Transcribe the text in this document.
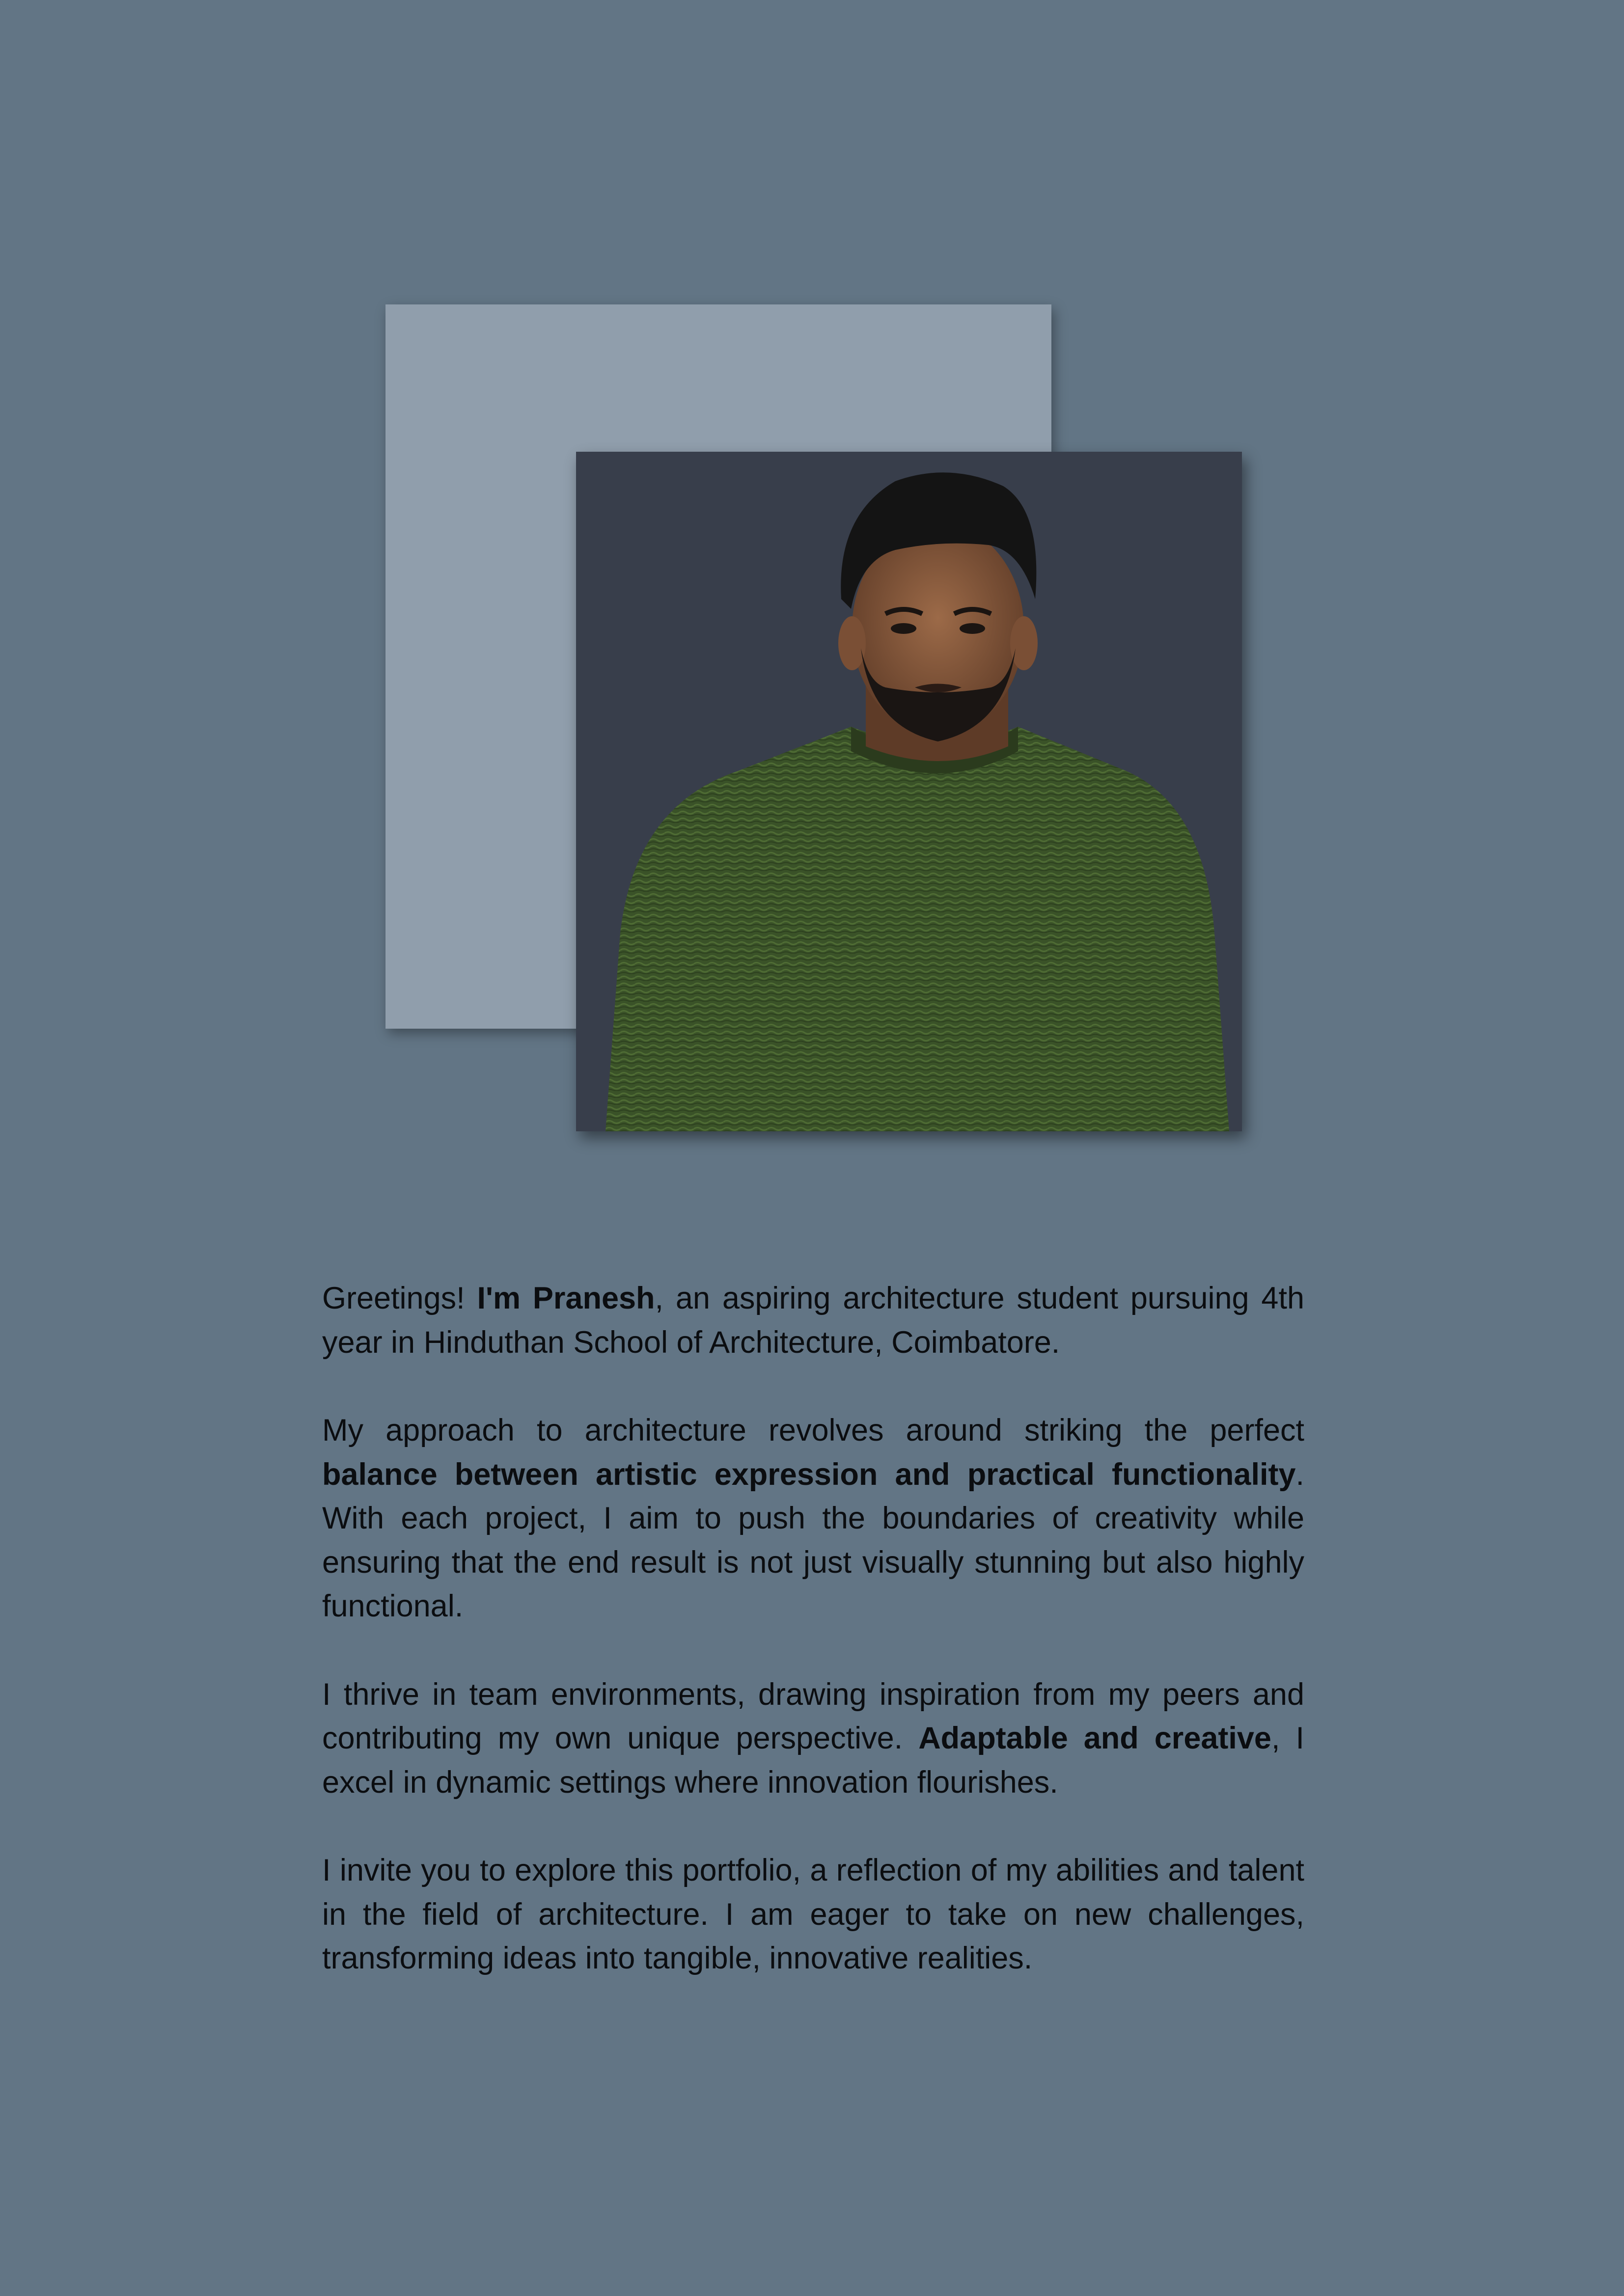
Greetings! I'm Pranesh, an aspiring architecture student pursuing 4th year in Hinduthan School of Architecture, Coimbatore.

My approach to architecture revolves around striking the perfect balance between artistic expression and practical functionality. With each project, I aim to push the boundaries of creativity while ensuring that the end result is not just visually stunning but also highly functional.

I thrive in team environments, drawing inspiration from my peers and contributing my own unique perspective. Adaptable and creative, I excel in dynamic settings where innovation flourishes.

I invite you to explore this portfolio, a reflection of my abilities and talent in the field of architecture. I am eager to take on new challenges, transforming ideas into tangible, innovative realities.
